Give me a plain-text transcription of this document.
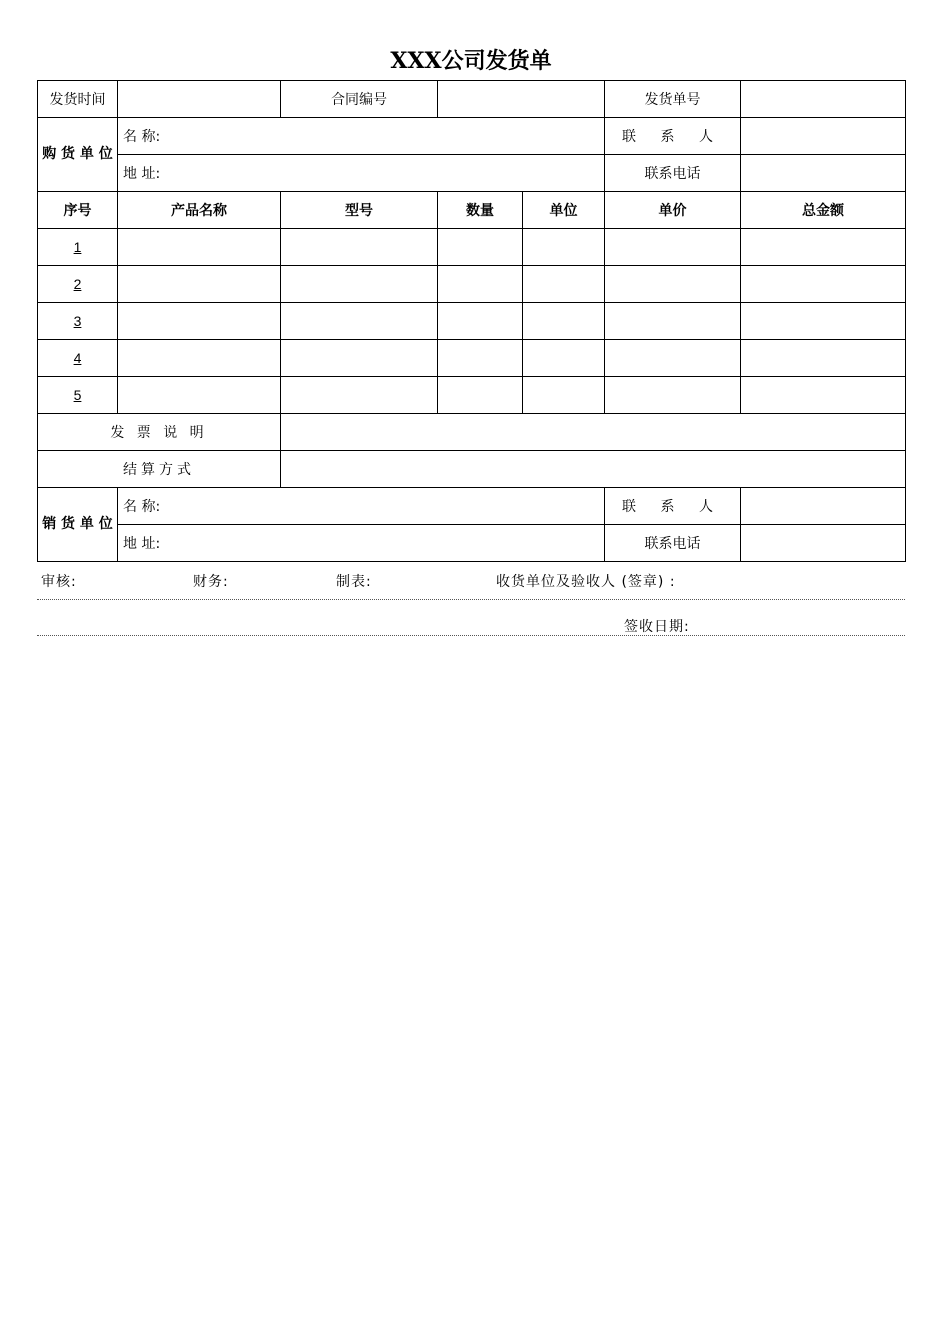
XXX公司发货单
发货时间		合同编号			发货单号	
购 货 单 位	名 称:				联 系 人	
	地 址:				联系电话	
序号	产品名称	型号	数量	单位	单价	总金额
1						
2						
3						
4						
5						
发 票 说 明						
结算方式						
销 货 单 位	名 称:				联 系 人	
	地 址:				联系电话	
审核:	财务:	制表:	收货单位及验收人 (签章) :
签收日期:
